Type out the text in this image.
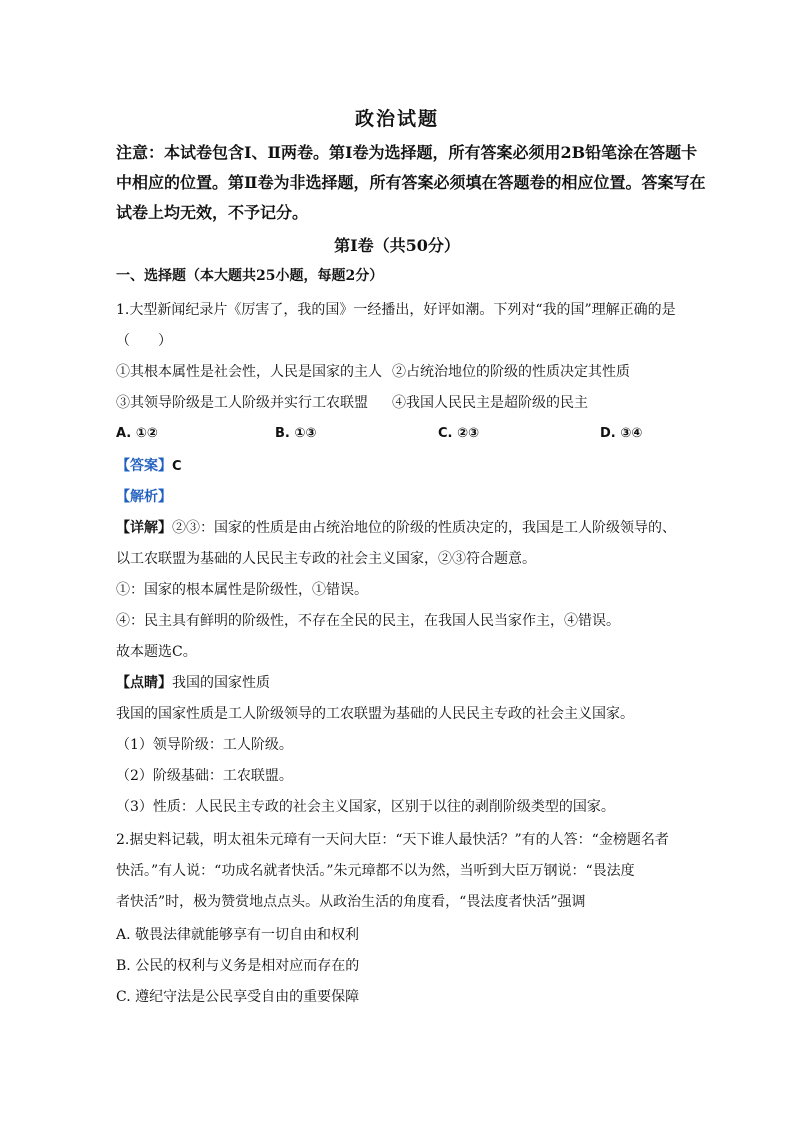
政治试题
注意：本试卷包含Ⅰ、Ⅱ两卷。第Ⅰ卷为选择题，所有答案必须用2B铅笔涂在答题卡中相应的位置。第Ⅱ卷为非选择题，所有答案必须填在答题卷的相应位置。答案写在试卷上均无效，不予记分。
第I卷（共50分）
一、选择题（本大题共25小题，每题2分）
1.大型新闻纪录片《厉害了，我的国》一经播出，好评如潮。下列对“我的国”理解正确的是
（　　）
①其根本属性是社会性，人民是国家的主人 ②占统治地位的阶级的性质决定其性质
③其领导阶级是工人阶级并实行工农联盟 ④我国人民民主是超阶级的民主
A. ①②	B. ①③	C. ②③	D. ③④
【答案】C
【解析】
【详解】②③：国家的性质是由占统治地位的阶级的性质决定的，我国是工人阶级领导的、
以工农联盟为基础的人民民主专政的社会主义国家，②③符合题意。
①：国家的根本属性是阶级性，①错误。
④：民主具有鲜明的阶级性，不存在全民的民主，在我国人民当家作主，④错误。
故本题选C。
【点睛】我国的国家性质
我国的国家性质是工人阶级领导的工农联盟为基础的人民民主专政的社会主义国家。
（1）领导阶级：工人阶级。
（2）阶级基础：工农联盟。
（3）性质：人民民主专政的社会主义国家，区别于以往的剥削阶级类型的国家。
2.据史料记载，明太祖朱元璋有一天问大臣：“天下谁人最快活？”有的人答：“金榜题名者
快活。”有人说：“功成名就者快活。”朱元璋都不以为然，当听到大臣万钢说：“畏法度
者快活”时，极为赞赏地点点头。从政治生活的角度看，“畏法度者快活”强调
A. 敬畏法律就能够享有一切自由和权利
B. 公民的权利与义务是相对应而存在的
C. 遵纪守法是公民享受自由的重要保障
